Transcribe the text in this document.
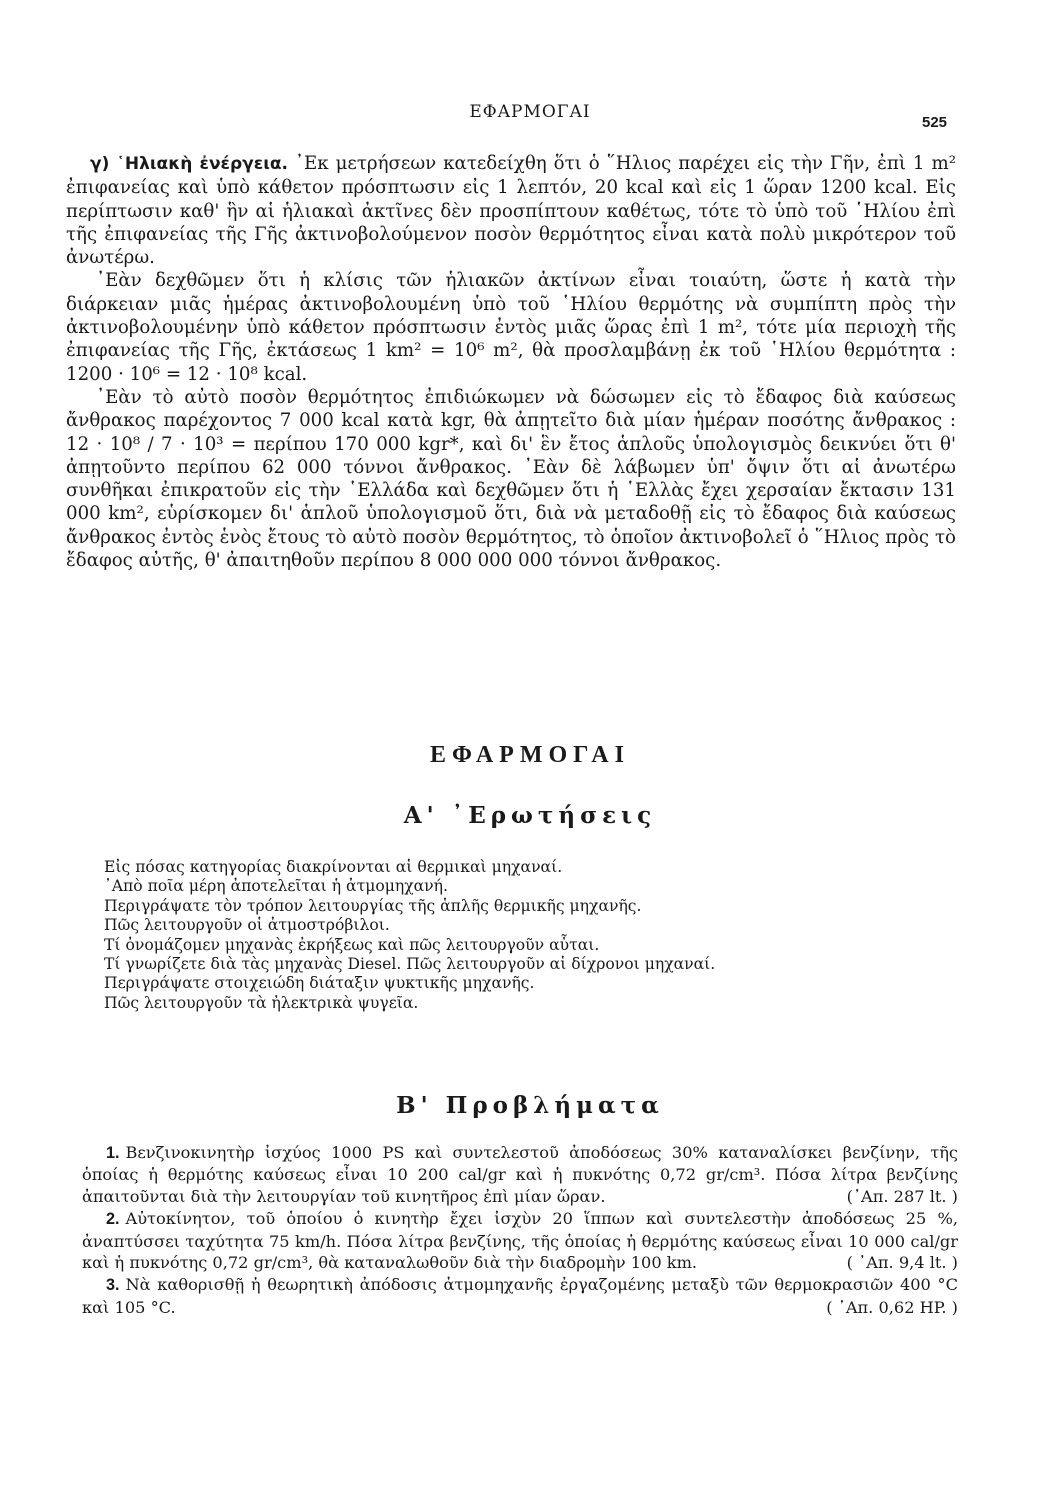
ΕΦΑΡΜΟΓΑΙ
525

γ) ῾Ηλιακὴ ἐνέργεια. ᾿Εκ μετρήσεων κατεδείχθη ὅτι ὁ ῞Ηλιος παρέχει εἰς τὴν Γῆν, ἐπὶ 1 m² ἐπιφανείας καὶ ὑπὸ κάθετον πρόσπτωσιν εἰς 1 λεπτόν, 20 kcal καὶ εἰς 1 ὥραν 1200 kcal. Εἰς περίπτωσιν καθ' ἣν αἱ ἡλιακαὶ ἀκτῖνες δὲν προσπίπτουν καθέτως, τότε τὸ ὑπὸ τοῦ ῾Ηλίου ἐπὶ τῆς ἐπιφανείας τῆς Γῆς ἀκτινοβολούμενον ποσὸν θερμότητος εἶναι κατὰ πολὺ μικρότερον τοῦ ἀνωτέρω.

᾿Εὰν δεχθῶμεν ὅτι ἡ κλίσις τῶν ἡλιακῶν ἀκτίνων εἶναι τοιαύτη, ὥστε ἡ κατὰ τὴν διάρκειαν μιᾶς ἡμέρας ἀκτινοβολουμένη ὑπὸ τοῦ ῾Ηλίου θερμότης νὰ συμπίπτη πρὸς τὴν ἀκτινοβολουμένην ὑπὸ κάθετον πρόσπτωσιν ἐντὸς μιᾶς ὥρας ἐπὶ 1 m², τότε μία περιοχὴ τῆς ἐπιφανείας τῆς Γῆς, ἐκτάσεως 1 km² = 10⁶ m², θὰ προσλαμβάνῃ ἐκ τοῦ ῾Ηλίου θερμότητα : 1200 · 10⁶ = 12 · 10⁸ kcal.

᾿Εὰν τὸ αὐτὸ ποσὸν θερμότητος ἐπιδιώκωμεν νὰ δώσωμεν εἰς τὸ ἔδαφος διὰ καύσεως ἄνθρακος παρέχοντος 7 000 kcal κατὰ kgr, θὰ ἀπῃτεῖτο διὰ μίαν ἡμέραν ποσότης ἄνθρακος : 12 · 10⁸ / 7 · 10³ = περίπου 170 000 kgr*, καὶ δι' ἓν ἔτος ἁπλοῦς ὑπολογισμὸς δεικνύει ὅτι θ' ἀπῃτοῦντο περίπου 62 000 τόννοι ἄνθρακος. ᾿Εὰν δὲ λάβωμεν ὑπ' ὄψιν ὅτι αἱ ἀνωτέρω συνθῆκαι ἐπικρατοῦν εἰς τὴν ῾Ελλάδα καὶ δεχθῶμεν ὅτι ἡ ῾Ελλὰς ἔχει χερσαίαν ἔκτασιν 131 000 km², εὑρίσκομεν δι' ἁπλοῦ ὑπολογισμοῦ ὅτι, διὰ νὰ μεταδοθῇ εἰς τὸ ἔδαφος διὰ καύσεως ἄνθρακος ἐντὸς ἑνὸς ἔτους τὸ αὐτὸ ποσὸν θερμότητος, τὸ ὁποῖον ἀκτινοβολεῖ ὁ ῞Ηλιος πρὸς τὸ ἔδαφος αὐτῆς, θ' ἀπαιτηθοῦν περίπου 8 000 000 000 τόννοι ἄνθρακος.

ΕΦΑΡΜΟΓΑΙ
Α' ᾿Ερωτήσεις
Εἰς πόσας κατηγορίας διακρίνονται αἱ θερμικαὶ μηχαναί.
᾿Απὸ ποῖα μέρη ἀποτελεῖται ἡ ἀτμομηχανή.
Περιγράψατε τὸν τρόπον λειτουργίας τῆς ἁπλῆς θερμικῆς μηχανῆς.
Πῶς λειτουργοῦν οἱ ἀτμοστρόβιλοι.
Τί ὀνομάζομεν μηχανὰς ἐκρήξεως καὶ πῶς λειτουργοῦν αὗται.
Τί γνωρίζετε διὰ τὰς μηχανὰς Diesel. Πῶς λειτουργοῦν αἱ δίχρονοι μηχαναί.
Περιγράψατε στοιχειώδη διάταξιν ψυκτικῆς μηχανῆς.
Πῶς λειτουργοῦν τὰ ἠλεκτρικὰ ψυγεῖα.
Β' Προβλήματα
1. Βενζινοκινητὴρ ἰσχύος 1000 PS καὶ συντελεστοῦ ἀποδόσεως 30% καταναλίσκει βενζίνην, τῆς ὁποίας ἡ θερμότης καύσεως εἶναι 10 200 cal/gr καὶ ἡ πυκνότης 0,72 gr/cm³. Πόσα λίτρα βενζίνης ἀπαιτοῦνται διὰ τὴν λειτουργίαν τοῦ κινητῆρος ἐπὶ μίαν ὥραν.	(᾿Απ. 287 lt. )
2. Αὐτοκίνητον, τοῦ ὁποίου ὁ κινητὴρ ἔχει ἰσχὺν 20 ἵππων καὶ συντελεστὴν ἀποδόσεως 25 %, ἀναπτύσσει ταχύτητα 75 km/h. Πόσα λίτρα βενζίνης, τῆς ὁποίας ἡ θερμότης καύσεως εἶναι 10 000 cal/gr καὶ ἡ πυκνότης 0,72 gr/cm³, θὰ καταναλωθοῦν διὰ τὴν διαδρομὴν 100 km.	( ᾿Απ. 9,4 lt. )
3. Νὰ καθορισθῇ ἡ θεωρητικὴ ἀπόδοσις ἀτμομηχανῆς ἐργαζομένης μεταξὺ τῶν θερμοκρασιῶν 400 °C καὶ 105 °C.	( ᾿Απ. 0,62 HP. )
